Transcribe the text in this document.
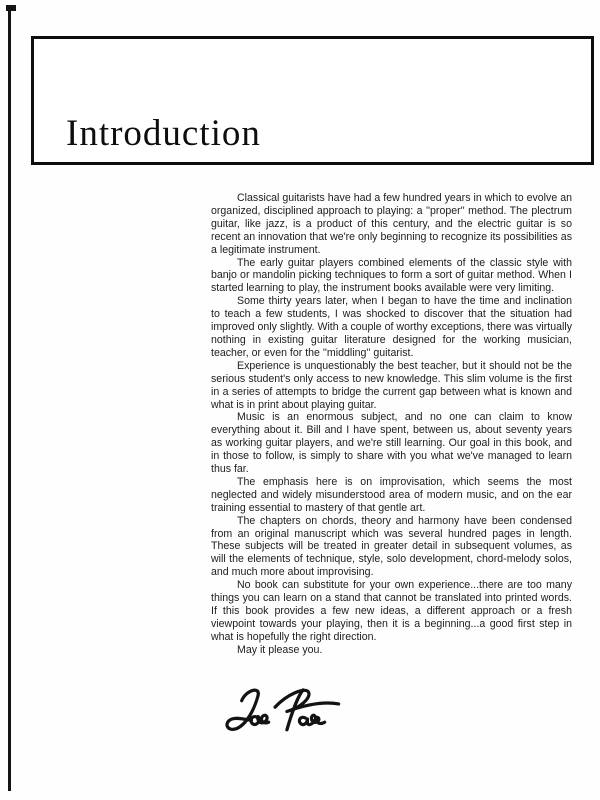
Introduction

Classical guitarists have had a few hundred years in which to evolve an organized, disciplined approach to playing: a ''proper'' method. The plectrum guitar, like jazz, is a product of this century, and the electric guitar is so recent an innovation that we're only beginning to recognize its possibilities as a legitimate instrument.

The early guitar players combined elements of the classic style with banjo or mandolin picking techniques to form a sort of guitar method. When I started learning to play, the instrument books available were very limiting.

Some thirty years later, when I began to have the time and inclination to teach a few students, I was shocked to discover that the situation had improved only slightly. With a couple of worthy exceptions, there was virtually nothing in existing guitar literature designed for the working musician, teacher, or even for the ''middling'' guitarist.

Experience is unquestionably the best teacher, but it should not be the serious student's only access to new knowledge. This slim volume is the first in a series of attempts to bridge the current gap between what is known and what is in print about playing guitar.

Music is an enormous subject, and no one can claim to know everything about it. Bill and I have spent, between us, about seventy years as working guitar players, and we're still learning. Our goal in this book, and in those to follow, is simply to share with you what we've managed to learn thus far.

The emphasis here is on improvisation, which seems the most neglected and widely misunderstood area of modern music, and on the ear training essential to mastery of that gentle art.

The chapters on chords, theory and harmony have been condensed from an original manuscript which was several hundred pages in length. These subjects will be treated in greater detail in subsequent volumes, as will the elements of technique, style, solo development, chord-melody solos, and much more about improvising.

No book can substitute for your own experience...there are too many things you can learn on a stand that cannot be translated into printed words. If this book provides a few new ideas, a different approach or a fresh viewpoint towards your playing, then it is a beginning...a good first step in what is hopefully the right direction.

May it please you.
